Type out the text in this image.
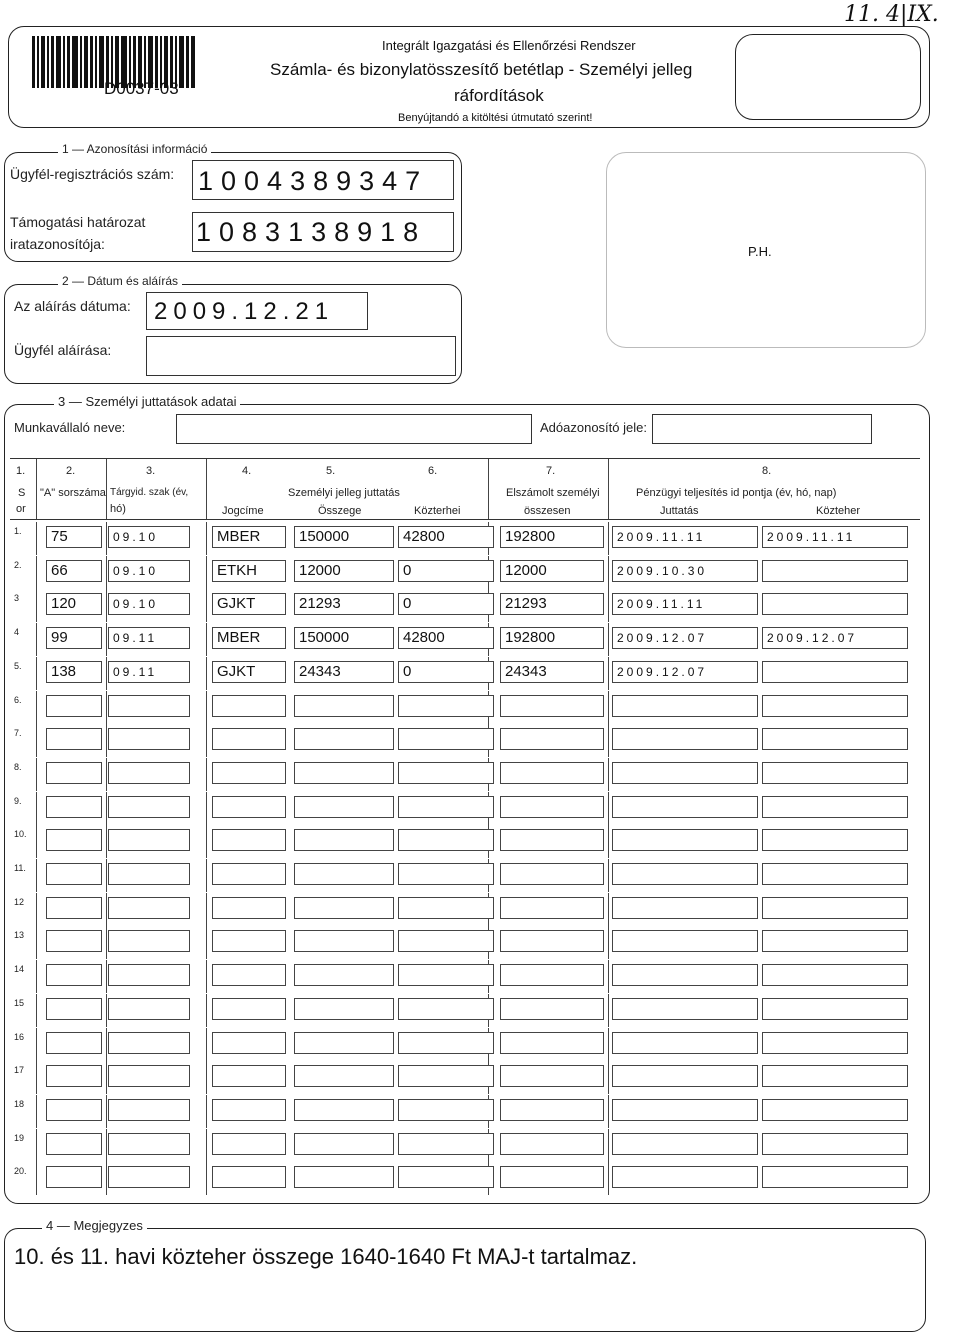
D0037-03
Integrált Igazgatási és Ellenőrzési Rendszer
Számla- és bizonylatösszesítő betétlap - Személyi jelleg
ráfordítások
Benyújtandó a kitöltési útmutató szerint!
11. 4|IX.
1 — Azonosítási információ
Ügyfél-regisztrációs szám: 1004389347
Támogatási határozat
iratazonosítója:	1083138918
2 — Dátum és aláírás
Az aláírás dátuma: 2009.12.21
Ügyfél aláírása:
P.H.
3 — Személyi juttatások adatai
Munkavállaló neve:	Adóazonosító jele:
1.	2.	3.	4.	5.	6.	7.	8.
S
or
"A" sorszáma Tárgyid. szak (év,
hó)
Személyi jelleg juttatás
Jogcíme	Összege	Közterhei
Elszámolt személyi
összesen
Pénzügyi teljesítés id pontja (év, hó, nap)
Juttatás	Közteher
1.	75	09.10	MBER	150000	42800	192800	2009.11.11	2009.11.11
2.	66	09.10	ETKH	12000	0	12000	2009.10.30
3	120	09.10	GJKT	21293	0	21293	2009.11.11
4	99	09.11	MBER	150000	42800	192800	2009.12.07	2009.12.07
5.	138	09.11	GJKT	24343	0	24343	2009.12.07
6.
7.
8.
9.
10.
11.
12
13
14
15
16
17
18
19
20.
4 — Megjegyzes
10. és 11. havi közteher összege 1640-1640 Ft MAJ-t tartalmaz.
